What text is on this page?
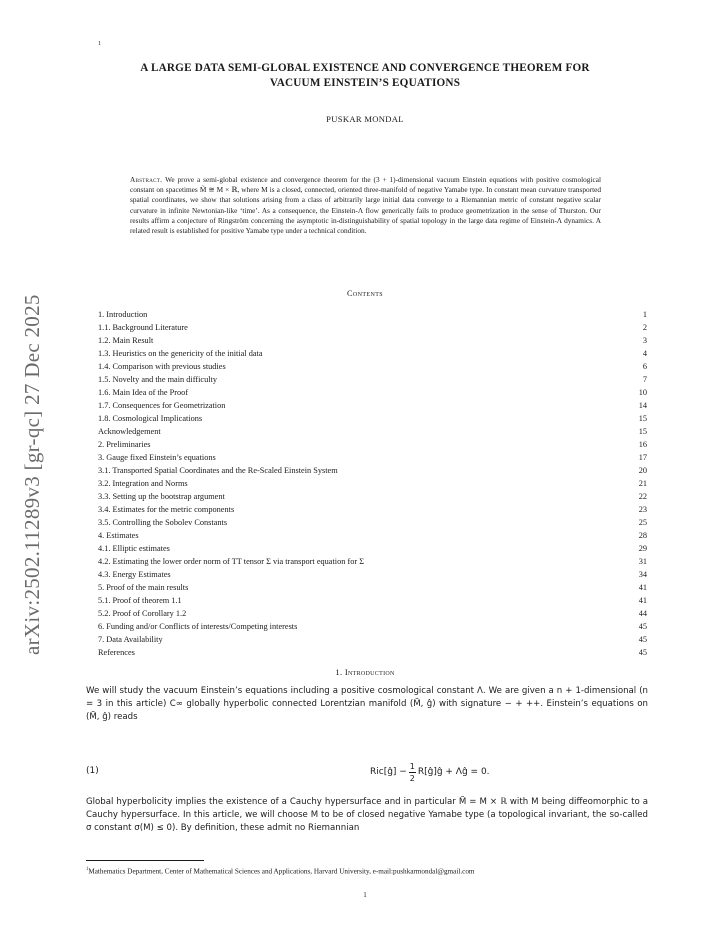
arXiv:2502.11289v3 [gr-qc] 27 Dec 2025
1
A LARGE DATA SEMI-GLOBAL EXISTENCE AND CONVERGENCE THEOREM FOR
VACUUM EINSTEIN’S EQUATIONS
PUSKAR MONDAL
Abstract. We prove a semi-global existence and convergence theorem for the (3 + 1)-dimensional vacuum Einstein equations with positive cosmological constant on spacetimes M̃ ≅ M × ℝ, where M is a closed, connected, oriented three-manifold of negative Yamabe type. In constant mean curvature transported spatial coordinates, we show that solutions arising from a class of arbitrarily large initial data converge to a Riemannian metric of constant negative scalar curvature in infinite Newtonian-like ‘time’. As a consequence, the Einstein-Λ flow generically fails to produce geometrization in the sense of Thurston. Our results affirm a conjecture of Ringström concerning the asymptotic in-distinguishability of spatial topology in the large data regime of Einstein-Λ dynamics. A related result is established for positive Yamabe type under a technical condition.
Contents
1. Introduction	1
1.1. Background Literature	2
1.2. Main Result	3
1.3. Heuristics on the genericity of the initial data	4
1.4. Comparison with previous studies	6
1.5. Novelty and the main difficulty	7
1.6. Main Idea of the Proof	10
1.7. Consequences for Geometrization	14
1.8. Cosmological Implications	15
Acknowledgement	15
2. Preliminaries	16
3. Gauge fixed Einstein’s equations	17
3.1. Transported Spatial Coordinates and the Re-Scaled Einstein System	20
3.2. Integration and Norms	21
3.3. Setting up the bootstrap argument	22
3.4. Estimates for the metric components	23
3.5. Controlling the Sobolev Constants	25
4. Estimates	28
4.1. Elliptic estimates	29
4.2. Estimating the lower order norm of TT tensor Σ via transport equation for Σ	31
4.3. Energy Estimates	34
5. Proof of the main results	41
5.1. Proof of theorem 1.1	41
5.2. Proof of Corollary 1.2	44
6. Funding and/or Conflicts of interests/Competing interests	45
7. Data Availability	45
References	45
1. Introduction
We will study the vacuum Einstein’s equations including a positive cosmological constant Λ. We are given a n + 1-dimensional (n = 3 in this article) C∞ globally hyperbolic connected Lorentzian manifold (M̃, ĝ) with signature − + ++. Einstein’s equations on (M̃, ĝ) reads
(1)	Ric[ĝ] − $\frac{1}{2}$ R[ĝ]ĝ + Λĝ = 0.
Global hyperbolicity implies the existence of a Cauchy hypersurface and in particular M̃ = M × ℝ with M being diffeomorphic to a Cauchy hypersurface. In this article, we will choose M to be of closed negative Yamabe type (a topological invariant, the so-called σ constant σ(M) ≤ 0). By definition, these admit no Riemannian
$^1$Mathematics Department, Center of Mathematical Sciences and Applications, Harvard University, e-mail:pushkarmondal@gmail.com
1
